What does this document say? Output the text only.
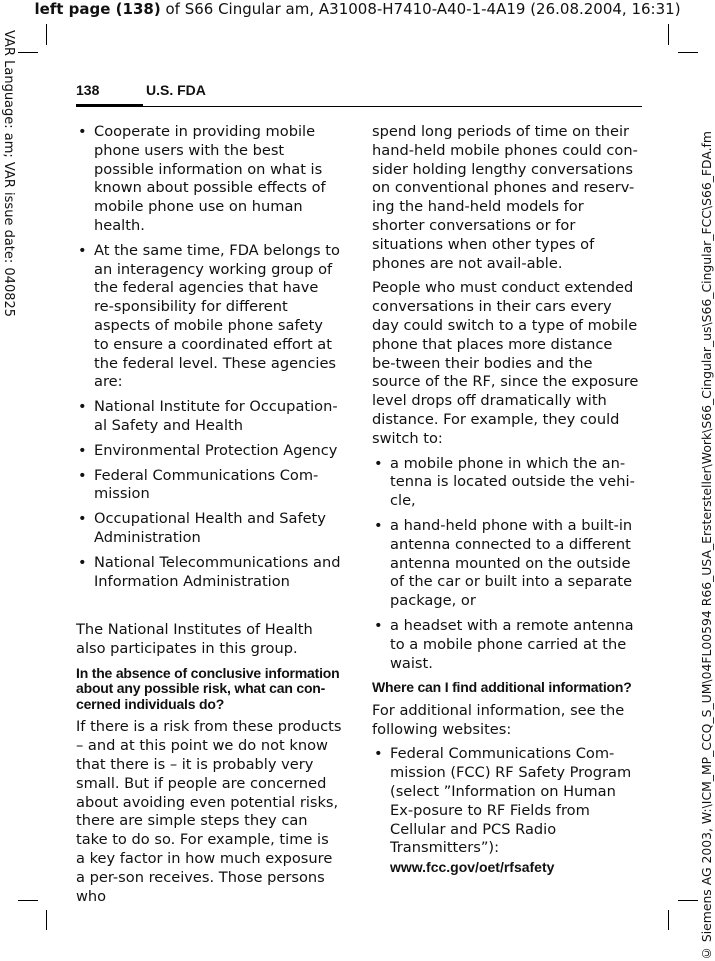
left page (138) of S66 Cingular am, A31008-H7410-A40-1-4A19 (26.08.2004, 16:31)
VAR Language: am; VAR issue date: 040825	© Siemens AG 2003, W:\ICM_MP_CCQ_S_UM\04FL00594 R66_USA_Erstersteller\Work\S66_Cingular_us\S66_Cingular_FCC\S66_FDA.fm
138	U.S. FDA
• Cooperate in providing mobile phone users with the best possible information on what is known about possible effects of mobile phone use on human health.
• At the same time, FDA belongs to an interagency working group of the federal agencies that have re-sponsibility for different aspects of mobile phone safety to ensure a coordinated effort at the federal level. These agencies are:
• National Institute for Occupation-al Safety and Health
• Environmental Protection Agency
• Federal Communications Com-mission
• Occupational Health and Safety Administration
• National Telecommunications and Information Administration

The National Institutes of Health also participates in this group.

In the absence of conclusive information about any possible risk, what can con-cerned individuals do?

If there is a risk from these products – and at this point we do not know that there is – it is probably very small. But if people are concerned about avoiding even potential risks, there are simple steps they can take to do so. For example, time is a key factor in how much exposure a per-son receives. Those persons who

spend long periods of time on their hand-held mobile phones could con-sider holding lengthy conversations on conventional phones and reserv-ing the hand-held models for shorter conversations or for situations when other types of phones are not avail-able.

People who must conduct extended conversations in their cars every day could switch to a type of mobile phone that places more distance be-tween their bodies and the source of the RF, since the exposure level drops off dramatically with distance. For example, they could switch to:

• a mobile phone in which the an-tenna is located outside the vehi-cle,
• a hand-held phone with a built-in antenna connected to a different antenna mounted on the outside of the car or built into a separate package, or
• a headset with a remote antenna to a mobile phone carried at the waist.
Where can I find additional information?

For additional information, see the following websites:

• Federal Communications Com-mission (FCC) RF Safety Program (select ”Information on Human Ex-posure to RF Fields from Cellular and PCS Radio Transmitters”): www.fcc.gov/oet/rfsafety
